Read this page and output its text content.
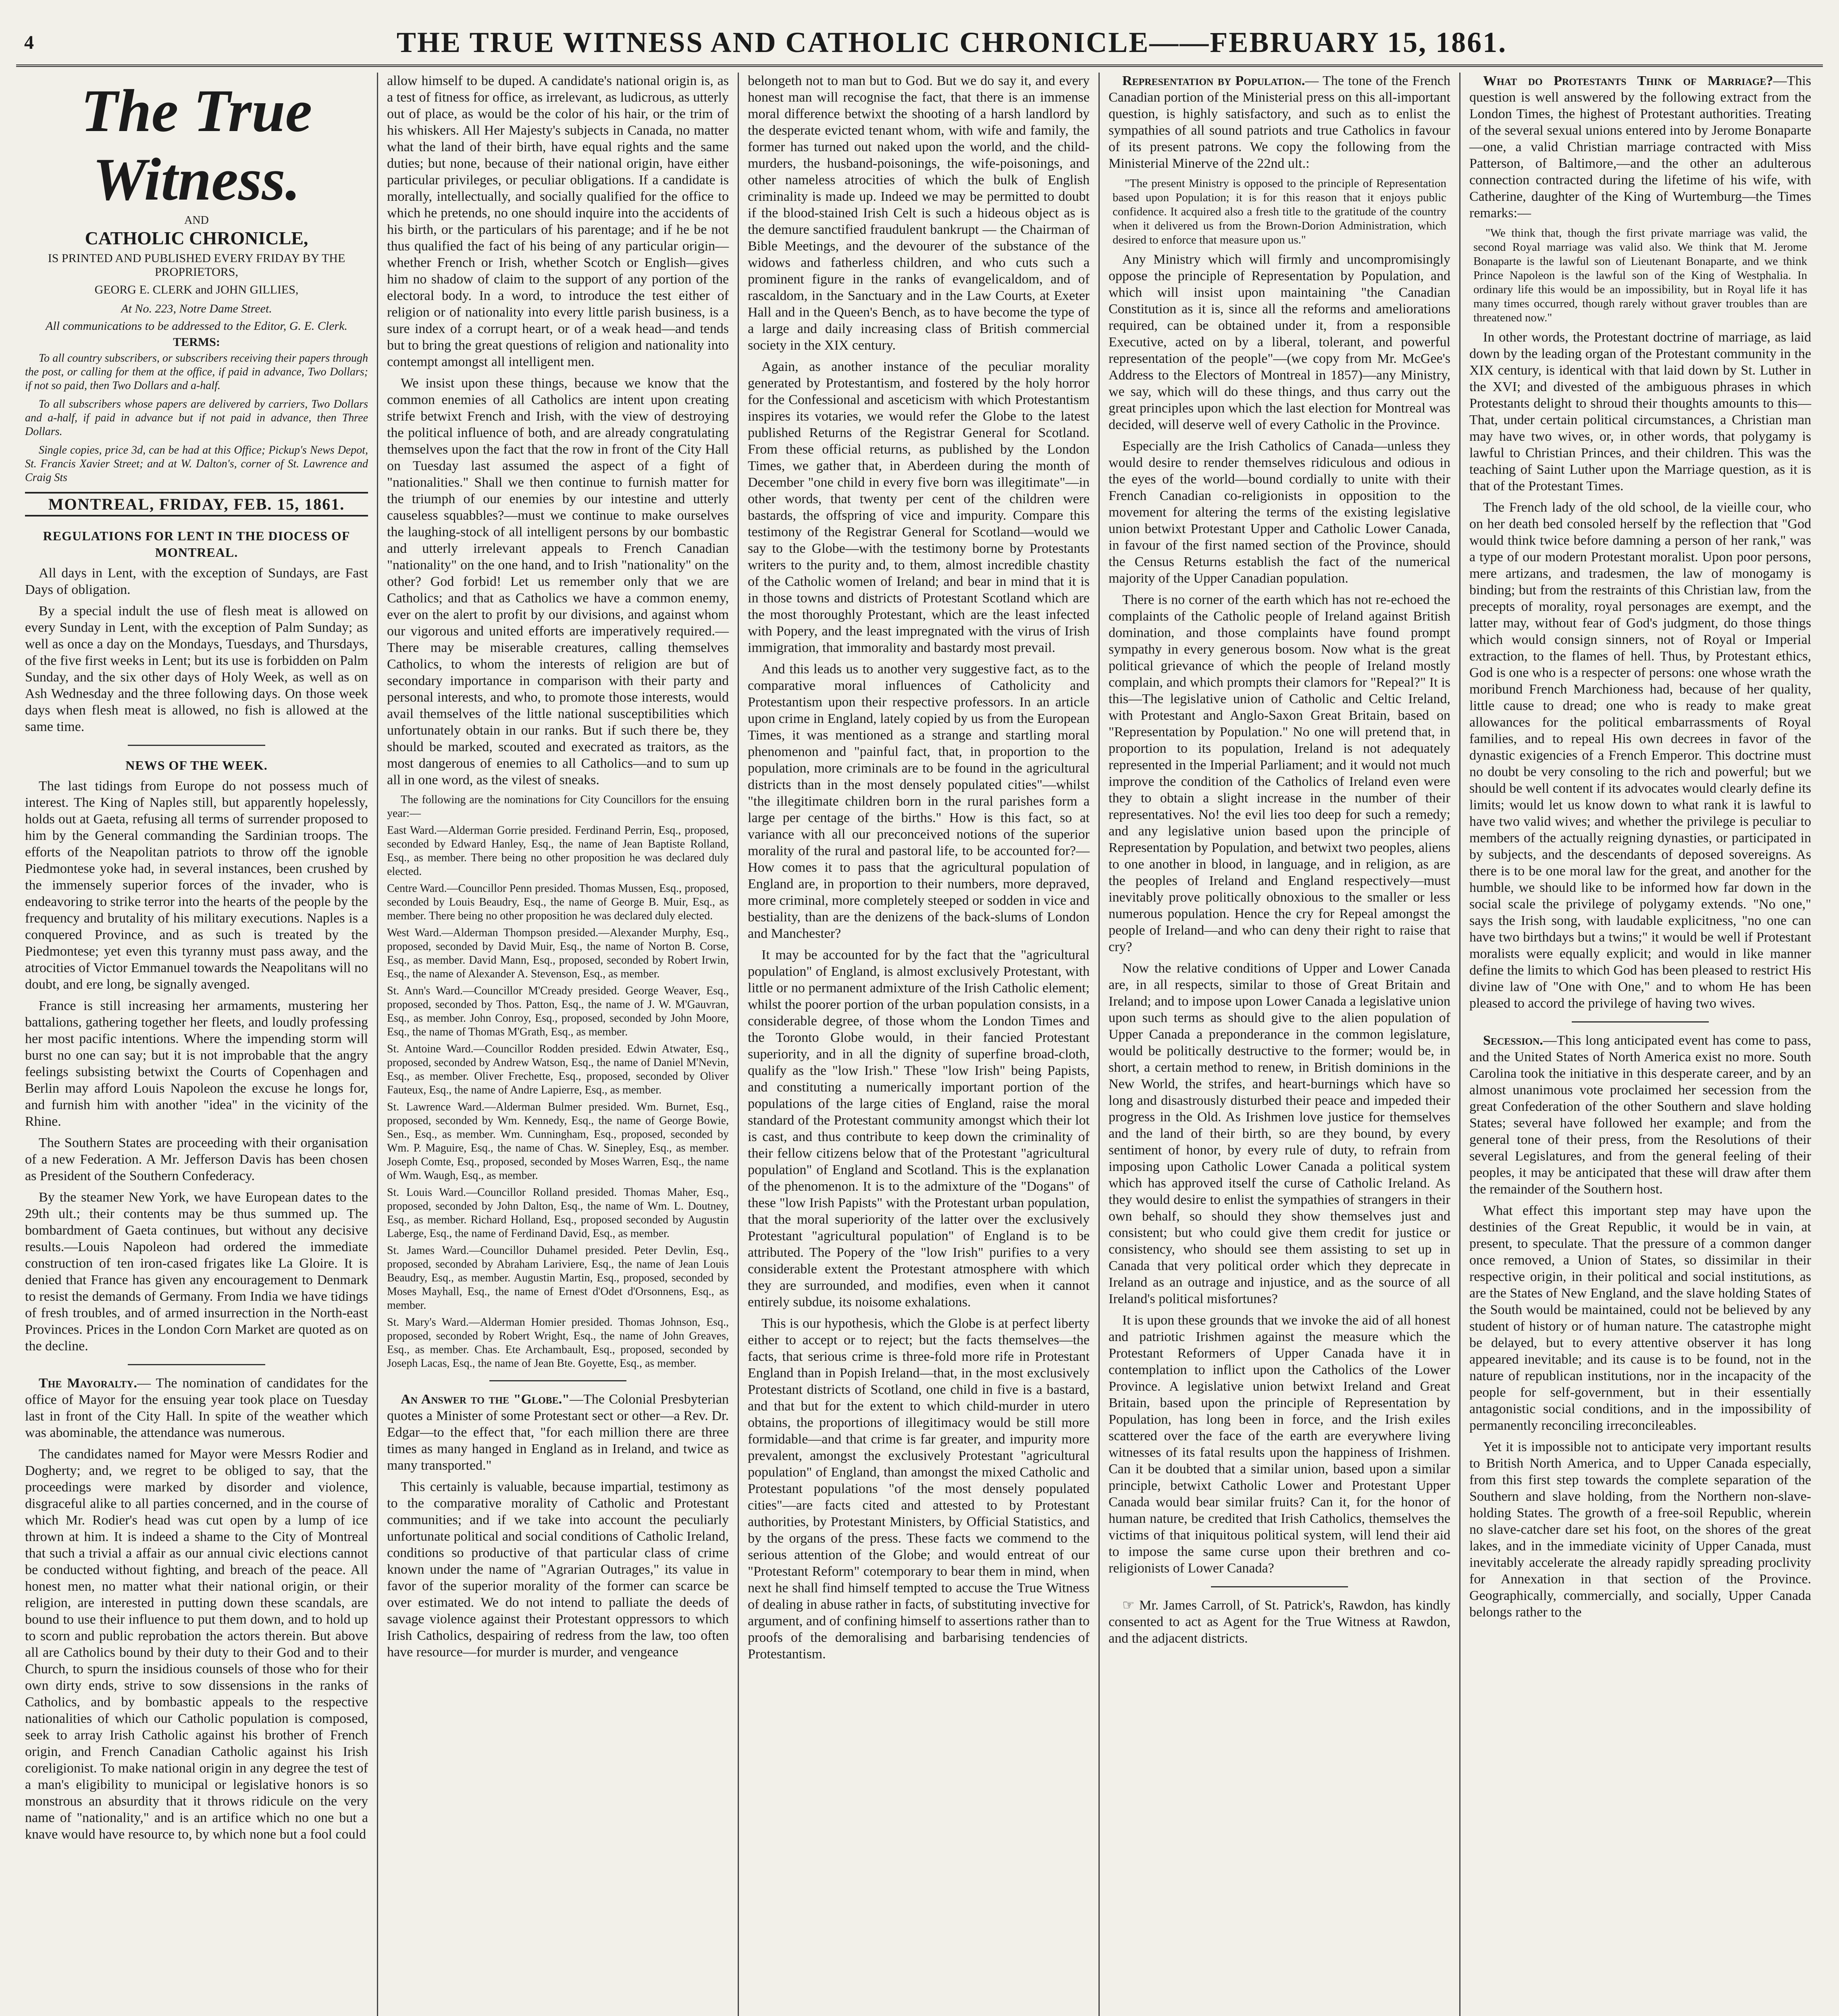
4	THE TRUE WITNESS AND CATHOLIC CHRONICLE——FEBRUARY 15, 1861.
The True Witness.
AND
CATHOLIC CHRONICLE,
IS PRINTED AND PUBLISHED EVERY FRIDAY BY THE PROPRIETORS,
GEORG E. CLERK and JOHN GILLIES,
At No. 223, Notre Dame Street.
All communications to be addressed to the Editor, G. E. Clerk.
TERMS:

To all country subscribers, or subscribers receiving their papers through the post, or calling for them at the office, if paid in advance, Two Dollars; if not so paid, then Two Dollars and a-half.

To all subscribers whose papers are delivered by carriers, Two Dollars and a-half, if paid in advance but if not paid in advance, then Three Dollars.

Single copies, price 3d, can be had at this Office; Pickup's News Depot, St. Francis Xavier Street; and at W. Dalton's, corner of St. Lawrence and Craig Sts

MONTREAL, FRIDAY, FEB. 15, 1861.
REGULATIONS FOR LENT IN THE DIOCESS OF MONTREAL.

All days in Lent, with the exception of Sundays, are Fast Days of obligation.

By a special indult the use of flesh meat is allowed on every Sunday in Lent, with the exception of Palm Sunday; as well as once a day on the Mondays, Tuesdays, and Thursdays, of the five first weeks in Lent; but its use is forbidden on Palm Sunday, and the six other days of Holy Week, as well as on Ash Wednesday and the three following days. On those week days when flesh meat is allowed, no fish is allowed at the same time.

NEWS OF THE WEEK.

The last tidings from Europe do not possess much of interest. The King of Naples still, but apparently hopelessly, holds out at Gaeta, refusing all terms of surrender proposed to him by the General commanding the Sardinian troops. The efforts of the Neapolitan patriots to throw off the ignoble Piedmontese yoke had, in several instances, been crushed by the immensely superior forces of the invader, who is endeavoring to strike terror into the hearts of the people by the frequency and brutality of his military executions. Naples is a conquered Province, and as such is treated by the Piedmontese; yet even this tyranny must pass away, and the atrocities of Victor Emmanuel towards the Neapolitans will no doubt, and ere long, be signally avenged.

France is still increasing her armaments, mustering her battalions, gathering together her fleets, and loudly professing her most pacific intentions. Where the impending storm will burst no one can say; but it is not improbable that the angry feelings subsisting betwixt the Courts of Copenhagen and Berlin may afford Louis Napoleon the excuse he longs for, and furnish him with another "idea" in the vicinity of the Rhine.

The Southern States are proceeding with their organisation of a new Federation. A Mr. Jefferson Davis has been chosen as President of the Southern Confederacy.

By the steamer New York, we have European dates to the 29th ult.; their contents may be thus summed up. The bombardment of Gaeta continues, but without any decisive results.—Louis Napoleon had ordered the immediate construction of ten iron-cased frigates like La Gloire. It is denied that France has given any encouragement to Denmark to resist the demands of Germany. From India we have tidings of fresh troubles, and of armed insurrection in the North-east Provinces. Prices in the London Corn Market are quoted as on the decline.

The Mayoralty.— The nomination of candidates for the office of Mayor for the ensuing year took place on Tuesday last in front of the City Hall. In spite of the weather which was abominable, the attendance was numerous.

The candidates named for Mayor were Messrs Rodier and Dogherty; and, we regret to be obliged to say, that the proceedings were marked by disorder and violence, disgraceful alike to all parties concerned, and in the course of which Mr. Rodier's head was cut open by a lump of ice thrown at him. It is indeed a shame to the City of Montreal that such a trivial a affair as our annual civic elections cannot be conducted without fighting, and breach of the peace. All honest men, no matter what their national origin, or their religion, are interested in putting down these scandals, are bound to use their influence to put them down, and to hold up to scorn and public reprobation the actors therein. But above all are Catholics bound by their duty to their God and to their Church, to spurn the insidious counsels of those who for their own dirty ends, strive to sow dissensions in the ranks of Catholics, and by bombastic appeals to the respective nationalities of which our Catholic population is composed, seek to array Irish Catholic against his brother of French origin, and French Canadian Catholic against his Irish coreligionist. To make national origin in any degree the test of a man's eligibility to municipal or legislative honors is so monstrous an absurdity that it throws ridicule on the very name of "nationality," and is an artifice which no one but a knave would have resource to, by which none but a fool could

allow himself to be duped. A candidate's national origin is, as a test of fitness for office, as irrelevant, as ludicrous, as utterly out of place, as would be the color of his hair, or the trim of his whiskers. All Her Majesty's subjects in Canada, no matter what the land of their birth, have equal rights and the same duties; but none, because of their national origin, have either particular privileges, or peculiar obligations. If a candidate is morally, intellectually, and socially qualified for the office to which he pretends, no one should inquire into the accidents of his birth, or the particulars of his parentage; and if he be not thus qualified the fact of his being of any particular origin—whether French or Irish, whether Scotch or English—gives him no shadow of claim to the support of any portion of the electoral body. In a word, to introduce the test either of religion or of nationality into every little parish business, is a sure index of a corrupt heart, or of a weak head—and tends but to bring the great questions of religion and nationality into contempt amongst all intelligent men.

We insist upon these things, because we know that the common enemies of all Catholics are intent upon creating strife betwixt French and Irish, with the view of destroying the political influence of both, and are already congratulating themselves upon the fact that the row in front of the City Hall on Tuesday last assumed the aspect of a fight of "nationalities." Shall we then continue to furnish matter for the triumph of our enemies by our intestine and utterly causeless squabbles?—must we continue to make ourselves the laughing-stock of all intelligent persons by our bombastic and utterly irrelevant appeals to French Canadian "nationality" on the one hand, and to Irish "nationality" on the other? God forbid! Let us remember only that we are Catholics; and that as Catholics we have a common enemy, ever on the alert to profit by our divisions, and against whom our vigorous and united efforts are imperatively required.—There may be miserable creatures, calling themselves Catholics, to whom the interests of religion are but of secondary importance in comparison with their party and personal interests, and who, to promote those interests, would avail themselves of the little national susceptibilities which unfortunately obtain in our ranks. But if such there be, they should be marked, scouted and execrated as traitors, as the most dangerous of enemies to all Catholics—and to sum up all in one word, as the vilest of sneaks.

The following are the nominations for City Councillors for the ensuing year:—

East Ward.—Alderman Gorrie presided. Ferdinand Perrin, Esq., proposed, seconded by Edward Hanley, Esq., the name of Jean Baptiste Rolland, Esq., as member. There being no other proposition he was declared duly elected.

Centre Ward.—Councillor Penn presided. Thomas Mussen, Esq., proposed, seconded by Louis Beaudry, Esq., the name of George B. Muir, Esq., as member. There being no other proposition he was declared duly elected.

West Ward.—Alderman Thompson presided.—Alexander Murphy, Esq., proposed, seconded by David Muir, Esq., the name of Norton B. Corse, Esq., as member. David Mann, Esq., proposed, seconded by Robert Irwin, Esq., the name of Alexander A. Stevenson, Esq., as member.

St. Ann's Ward.—Councillor M'Cready presided. George Weaver, Esq., proposed, seconded by Thos. Patton, Esq., the name of J. W. M'Gauvran, Esq., as member. John Conroy, Esq., proposed, seconded by John Moore, Esq., the name of Thomas M'Grath, Esq., as member.

St. Antoine Ward.—Councillor Rodden presided. Edwin Atwater, Esq., proposed, seconded by Andrew Watson, Esq., the name of Daniel M'Nevin, Esq., as member. Oliver Frechette, Esq., proposed, seconded by Oliver Fauteux, Esq., the name of Andre Lapierre, Esq., as member.

St. Lawrence Ward.—Alderman Bulmer presided. Wm. Burnet, Esq., proposed, seconded by Wm. Kennedy, Esq., the name of George Bowie, Sen., Esq., as member. Wm. Cunningham, Esq., proposed, seconded by Wm. P. Maguire, Esq., the name of Chas. W. Sinepley, Esq., as member. Joseph Comte, Esq., proposed, seconded by Moses Warren, Esq., the name of Wm. Waugh, Esq., as member.

St. Louis Ward.—Councillor Rolland presided. Thomas Maher, Esq., proposed, seconded by John Dalton, Esq., the name of Wm. L. Doutney, Esq., as member. Richard Holland, Esq., proposed seconded by Augustin Laberge, Esq., the name of Ferdinand David, Esq., as member.

St. James Ward.—Councillor Duhamel presided. Peter Devlin, Esq., proposed, seconded by Abraham Lariviere, Esq., the name of Jean Louis Beaudry, Esq., as member. Augustin Martin, Esq., proposed, seconded by Moses Mayhall, Esq., the name of Ernest d'Odet d'Orsonnens, Esq., as member.

St. Mary's Ward.—Alderman Homier presided. Thomas Johnson, Esq., proposed, seconded by Robert Wright, Esq., the name of John Greaves, Esq., as member. Chas. Ete Archambault, Esq., proposed, seconded by Joseph Lacas, Esq., the name of Jean Bte. Goyette, Esq., as member.

An Answer to the "Globe."—The Colonial Presbyterian quotes a Minister of some Protestant sect or other—a Rev. Dr. Edgar—to the effect that, "for each million there are three times as many hanged in England as in Ireland, and twice as many transported."

This certainly is valuable, because impartial, testimony as to the comparative morality of Catholic and Protestant communities; and if we take into account the peculiarly unfortunate political and social conditions of Catholic Ireland, conditions so productive of that particular class of crime known under the name of "Agrarian Outrages," its value in favor of the superior morality of the former can scarce be over estimated. We do not intend to palliate the deeds of savage violence against their Protestant oppressors to which Irish Catholics, despairing of redress from the law, too often have resource—for murder is murder, and vengeance

belongeth not to man but to God. But we do say it, and every honest man will recognise the fact, that there is an immense moral difference betwixt the shooting of a harsh landlord by the desperate evicted tenant whom, with wife and family, the former has turned out naked upon the world, and the child-murders, the husband-poisonings, the wife-poisonings, and other nameless atrocities of which the bulk of English criminality is made up. Indeed we may be permitted to doubt if the blood-stained Irish Celt is such a hideous object as is the demure sanctified fraudulent bankrupt — the Chairman of Bible Meetings, and the devourer of the substance of the widows and fatherless children, and who cuts such a prominent figure in the ranks of evangelicaldom, and of rascaldom, in the Sanctuary and in the Law Courts, at Exeter Hall and in the Queen's Bench, as to have become the type of a large and daily increasing class of British commercial society in the XIX century.

Again, as another instance of the peculiar morality generated by Protestantism, and fostered by the holy horror for the Confessional and asceticism with which Protestantism inspires its votaries, we would refer the Globe to the latest published Returns of the Registrar General for Scotland. From these official returns, as published by the London Times, we gather that, in Aberdeen during the month of December "one child in every five born was illegitimate"—in other words, that twenty per cent of the children were bastards, the offspring of vice and impurity. Compare this testimony of the Registrar General for Scotland—would we say to the Globe—with the testimony borne by Protestants writers to the purity and, to them, almost incredible chastity of the Catholic women of Ireland; and bear in mind that it is in those towns and districts of Protestant Scotland which are the most thoroughly Protestant, which are the least infected with Popery, and the least impregnated with the virus of Irish immigration, that immorality and bastardy most prevail.

And this leads us to another very suggestive fact, as to the comparative moral influences of Catholicity and Protestantism upon their respective professors. In an article upon crime in England, lately copied by us from the European Times, it was mentioned as a strange and startling moral phenomenon and "painful fact, that, in proportion to the population, more criminals are to be found in the agricultural districts than in the most densely populated cities"—whilst "the illegitimate children born in the rural parishes form a large per centage of the births." How is this fact, so at variance with all our preconceived notions of the superior morality of the rural and pastoral life, to be accounted for?—How comes it to pass that the agricultural population of England are, in proportion to their numbers, more depraved, more criminal, more completely steeped or sodden in vice and bestiality, than are the denizens of the back-slums of London and Manchester?

It may be accounted for by the fact that the "agricultural population" of England, is almost exclusively Protestant, with little or no permanent admixture of the Irish Catholic element; whilst the poorer portion of the urban population consists, in a considerable degree, of those whom the London Times and the Toronto Globe would, in their fancied Protestant superiority, and in all the dignity of superfine broad-cloth, qualify as the "low Irish." These "low Irish" being Papists, and constituting a numerically important portion of the populations of the large cities of England, raise the moral standard of the Protestant community amongst which their lot is cast, and thus contribute to keep down the criminality of their fellow citizens below that of the Protestant "agricultural population" of England and Scotland. This is the explanation of the phenomenon. It is to the admixture of the "Dogans" of these "low Irish Papists" with the Protestant urban population, that the moral superiority of the latter over the exclusively Protestant "agricultural population" of England is to be attributed. The Popery of the "low Irish" purifies to a very considerable extent the Protestant atmosphere with which they are surrounded, and modifies, even when it cannot entirely subdue, its noisome exhalations.

This is our hypothesis, which the Globe is at perfect liberty either to accept or to reject; but the facts themselves—the facts, that serious crime is three-fold more rife in Protestant England than in Popish Ireland—that, in the most exclusively Protestant districts of Scotland, one child in five is a bastard, and that but for the extent to which child-murder in utero obtains, the proportions of illegitimacy would be still more formidable—and that crime is far greater, and impurity more prevalent, amongst the exclusively Protestant "agricultural population" of England, than amongst the mixed Catholic and Protestant populations "of the most densely populated cities"—are facts cited and attested to by Protestant authorities, by Protestant Ministers, by Official Statistics, and by the organs of the press. These facts we commend to the serious attention of the Globe; and would entreat of our "Protestant Reform" cotemporary to bear them in mind, when next he shall find himself tempted to accuse the True Witness of dealing in abuse rather in facts, of substituting invective for argument, and of confining himself to assertions rather than to proofs of the demoralising and barbarising tendencies of Protestantism.

Representation by Population.— The tone of the French Canadian portion of the Ministerial press on this all-important question, is highly satisfactory, and such as to enlist the sympathies of all sound patriots and true Catholics in favour of its present patrons. We copy the following from the Ministerial Minerve of the 22nd ult.:

"The present Ministry is opposed to the principle of Representation based upon Population; it is for this reason that it enjoys public confidence. It acquired also a fresh title to the gratitude of the country when it delivered us from the Brown-Dorion Administration, which desired to enforce that measure upon us."

Any Ministry which will firmly and uncompromisingly oppose the principle of Representation by Population, and which will insist upon maintaining "the Canadian Constitution as it is, since all the reforms and ameliorations required, can be obtained under it, from a responsible Executive, acted on by a liberal, tolerant, and powerful representation of the people"—(we copy from Mr. McGee's Address to the Electors of Montreal in 1857)—any Ministry, we say, which will do these things, and thus carry out the great principles upon which the last election for Montreal was decided, will deserve well of every Catholic in the Province.

Especially are the Irish Catholics of Canada—unless they would desire to render themselves ridiculous and odious in the eyes of the world—bound cordially to unite with their French Canadian co-religionists in opposition to the movement for altering the terms of the existing legislative union betwixt Protestant Upper and Catholic Lower Canada, in favour of the first named section of the Province, should the Census Returns establish the fact of the numerical majority of the Upper Canadian population.

There is no corner of the earth which has not re-echoed the complaints of the Catholic people of Ireland against British domination, and those complaints have found prompt sympathy in every generous bosom. Now what is the great political grievance of which the people of Ireland mostly complain, and which prompts their clamors for "Repeal?" It is this—The legislative union of Catholic and Celtic Ireland, with Protestant and Anglo-Saxon Great Britain, based on "Representation by Population." No one will pretend that, in proportion to its population, Ireland is not adequately represented in the Imperial Parliament; and it would not much improve the condition of the Catholics of Ireland even were they to obtain a slight increase in the number of their representatives. No! the evil lies too deep for such a remedy; and any legislative union based upon the principle of Representation by Population, and betwixt two peoples, aliens to one another in blood, in language, and in religion, as are the peoples of Ireland and England respectively—must inevitably prove politically obnoxious to the smaller or less numerous population. Hence the cry for Repeal amongst the people of Ireland—and who can deny their right to raise that cry?

Now the relative conditions of Upper and Lower Canada are, in all respects, similar to those of Great Britain and Ireland; and to impose upon Lower Canada a legislative union upon such terms as should give to the alien population of Upper Canada a preponderance in the common legislature, would be politically destructive to the former; would be, in short, a certain method to renew, in British dominions in the New World, the strifes, and heart-burnings which have so long and disastrously disturbed their peace and impeded their progress in the Old. As Irishmen love justice for themselves and the land of their birth, so are they bound, by every sentiment of honor, by every rule of duty, to refrain from imposing upon Catholic Lower Canada a political system which has approved itself the curse of Catholic Ireland. As they would desire to enlist the sympathies of strangers in their own behalf, so should they show themselves just and consistent; but who could give them credit for justice or consistency, who should see them assisting to set up in Canada that very political order which they deprecate in Ireland as an outrage and injustice, and as the source of all Ireland's political misfortunes?

It is upon these grounds that we invoke the aid of all honest and patriotic Irishmen against the measure which the Protestant Reformers of Upper Canada have it in contemplation to inflict upon the Catholics of the Lower Province. A legislative union betwixt Ireland and Great Britain, based upon the principle of Representation by Population, has long been in force, and the Irish exiles scattered over the face of the earth are everywhere living witnesses of its fatal results upon the happiness of Irishmen. Can it be doubted that a similar union, based upon a similar principle, betwixt Catholic Lower and Protestant Upper Canada would bear similar fruits? Can it, for the honor of human nature, be credited that Irish Catholics, themselves the victims of that iniquitous political system, will lend their aid to impose the same curse upon their brethren and co-religionists of Lower Canada?

☞ Mr. James Carroll, of St. Patrick's, Rawdon, has kindly consented to act as Agent for the True Witness at Rawdon, and the adjacent districts.

What do Protestants Think of Marriage?—This question is well answered by the following extract from the London Times, the highest of Protestant authorities. Treating of the several sexual unions entered into by Jerome Bonaparte—one, a valid Christian marriage contracted with Miss Patterson, of Baltimore,—and the other an adulterous connection contracted during the lifetime of his wife, with Catherine, daughter of the King of Wurtemburg—the Times remarks:—

"We think that, though the first private marriage was valid, the second Royal marriage was valid also. We think that M. Jerome Bonaparte is the lawful son of Lieutenant Bonaparte, and we think Prince Napoleon is the lawful son of the King of Westphalia. In ordinary life this would be an impossibility, but in Royal life it has many times occurred, though rarely without graver troubles than are threatened now."

In other words, the Protestant doctrine of marriage, as laid down by the leading organ of the Protestant community in the XIX century, is identical with that laid down by St. Luther in the XVI; and divested of the ambiguous phrases in which Protestants delight to shroud their thoughts amounts to this—That, under certain political circumstances, a Christian man may have two wives, or, in other words, that polygamy is lawful to Christian Princes, and their children. This was the teaching of Saint Luther upon the Marriage question, as it is that of the Protestant Times.

The French lady of the old school, de la vieille cour, who on her death bed consoled herself by the reflection that "God would think twice before damning a person of her rank," was a type of our modern Protestant moralist. Upon poor persons, mere artizans, and tradesmen, the law of monogamy is binding; but from the restraints of this Christian law, from the precepts of morality, royal personages are exempt, and the latter may, without fear of God's judgment, do those things which would consign sinners, not of Royal or Imperial extraction, to the flames of hell. Thus, by Protestant ethics, God is one who is a respecter of persons: one whose wrath the moribund French Marchioness had, because of her quality, little cause to dread; one who is ready to make great allowances for the political embarrassments of Royal families, and to repeal His own decrees in favor of the dynastic exigencies of a French Emperor. This doctrine must no doubt be very consoling to the rich and powerful; but we should be well content if its advocates would clearly define its limits; would let us know down to what rank it is lawful to have two valid wives; and whether the privilege is peculiar to members of the actually reigning dynasties, or participated in by subjects, and the descendants of deposed sovereigns. As there is to be one moral law for the great, and another for the humble, we should like to be informed how far down in the social scale the privilege of polygamy extends. "No one," says the Irish song, with laudable explicitness, "no one can have two birthdays but a twins;" it would be well if Protestant moralists were equally explicit; and would in like manner define the limits to which God has been pleased to restrict His divine law of "One with One," and to whom He has been pleased to accord the privilege of having two wives.

Secession.—This long anticipated event has come to pass, and the United States of North America exist no more. South Carolina took the initiative in this desperate career, and by an almost unanimous vote proclaimed her secession from the great Confederation of the other Southern and slave holding States; several have followed her example; and from the general tone of their press, from the Resolutions of their several Legislatures, and from the general feeling of their peoples, it may be anticipated that these will draw after them the remainder of the Southern host.

What effect this important step may have upon the destinies of the Great Republic, it would be in vain, at present, to speculate. That the pressure of a common danger once removed, a Union of States, so dissimilar in their respective origin, in their political and social institutions, as are the States of New England, and the slave holding States of the South would be maintained, could not be believed by any student of history or of human nature. The catastrophe might be delayed, but to every attentive observer it has long appeared inevitable; and its cause is to be found, not in the nature of republican institutions, nor in the incapacity of the people for self-government, but in their essentially antagonistic social conditions, and in the impossibility of permanently reconciling irreconcileables.

Yet it is impossible not to anticipate very important results to British North America, and to Upper Canada especially, from this first step towards the complete separation of the Southern and slave holding, from the Northern non-slave-holding States. The growth of a free-soil Republic, wherein no slave-catcher dare set his foot, on the shores of the great lakes, and in the immediate vicinity of Upper Canada, must inevitably accelerate the already rapidly spreading proclivity for Annexation in that section of the Province. Geographically, commercially, and socially, Upper Canada belongs rather to the
